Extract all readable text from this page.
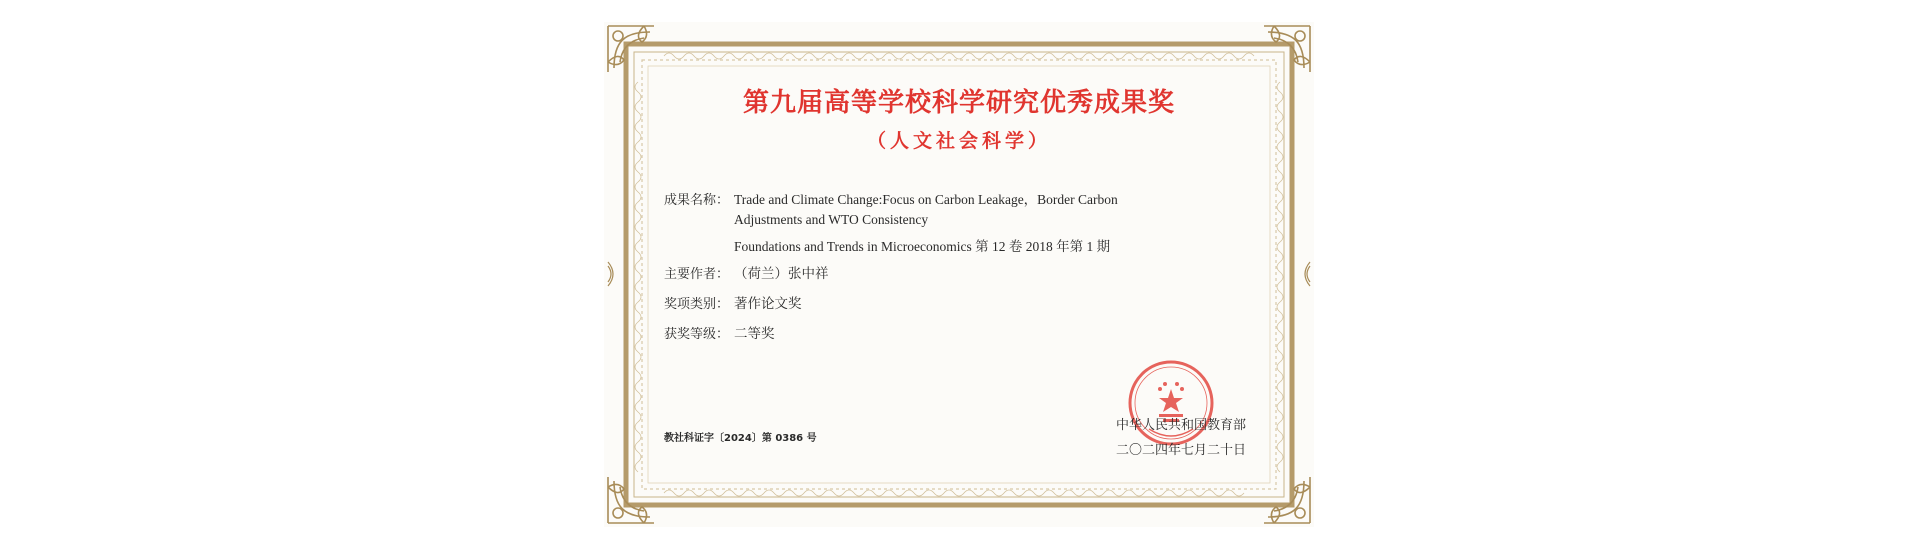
第九届高等学校科学研究优秀成果奖
（人文社会科学）
成果名称： Trade and Climate Change:Focus on Carbon Leakage，Border Carbon
Adjustments and WTO Consistency
Foundations and Trends in Microeconomics 第 12 卷 2018 年第 1 期
主要作者： （荷兰）张中祥
奖项类别： 著作论文奖
获奖等级： 二等奖
教社科证字〔2024〕第 0386 号
中华人民共和国教育部
二〇二四年七月二十日
